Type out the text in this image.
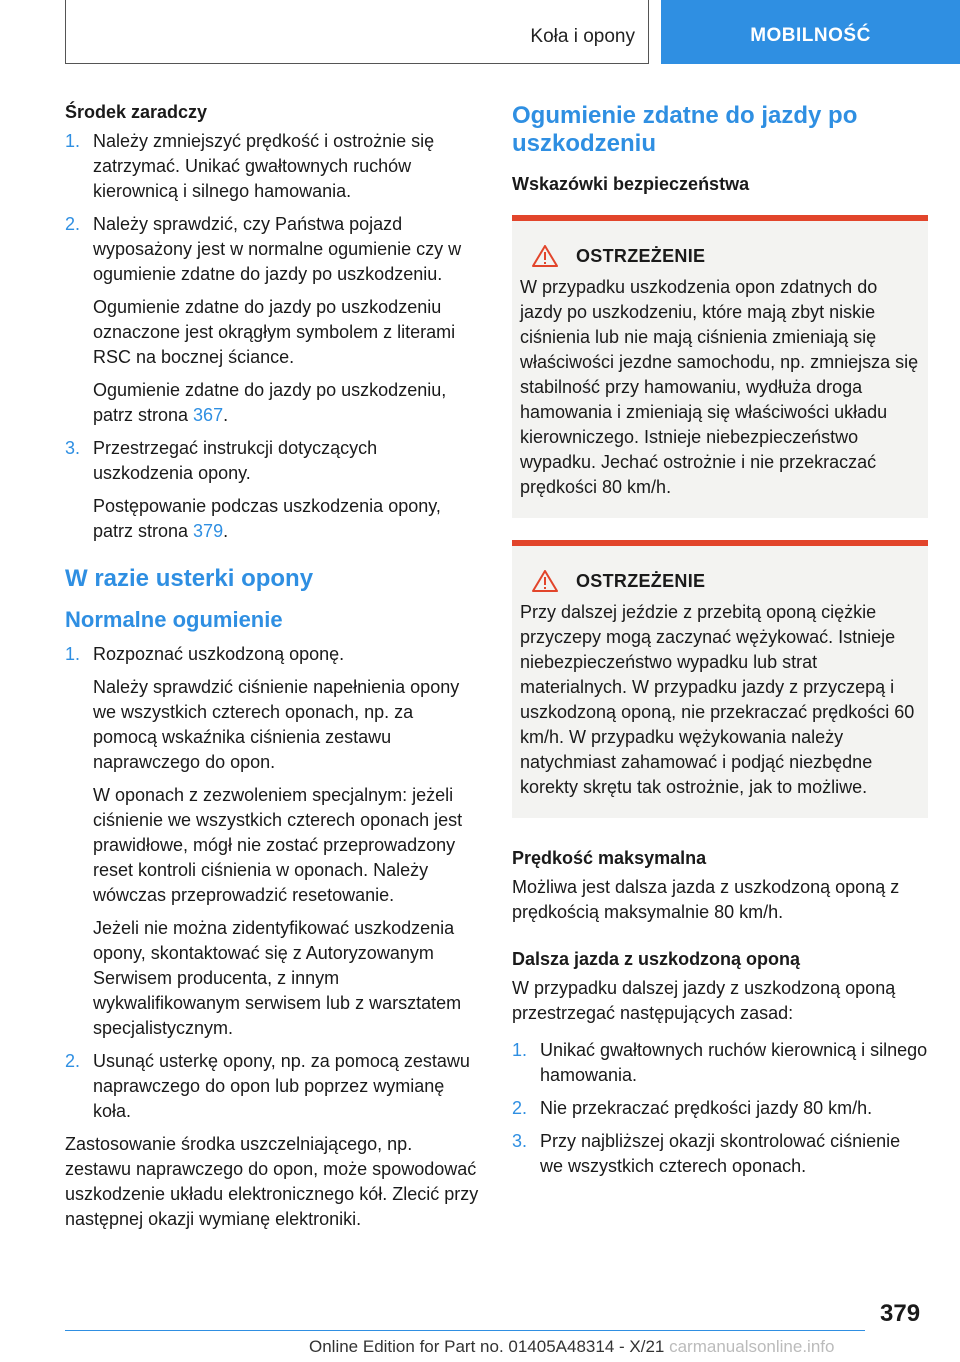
Koła i opony	MOBILNOŚĆ
Środek zaradczy
1. Należy zmniejszyć prędkość i ostrożnie się zatrzymać. Unikać gwałtownych ruchów kierownicą i silnego hamowania.
2. Należy sprawdzić, czy Państwa pojazd wyposażony jest w normalne ogumienie czy w ogumienie zdatne do jazdy po uszkodzeniu.
Ogumienie zdatne do jazdy po uszkodzeniu oznaczone jest okrągłym symbolem z literami RSC na bocznej ściance.
Ogumienie zdatne do jazdy po uszkodzeniu, patrz strona 367.
3. Przestrzegać instrukcji dotyczących uszkodzenia opony.
Postępowanie podczas uszkodzenia opony, patrz strona 379.
W razie usterki opony
Normalne ogumienie
1. Rozpoznać uszkodzoną oponę.
Należy sprawdzić ciśnienie napełnienia opony we wszystkich czterech oponach, np. za pomocą wskaźnika ciśnienia zestawu naprawczego do opon.
W oponach z zezwoleniem specjalnym: jeżeli ciśnienie we wszystkich czterech oponach jest prawidłowe, mógł nie zostać przeprowadzony reset kontroli ciśnienia w oponach. Należy wówczas przeprowadzić resetowanie.
Jeżeli nie można zidentyfikować uszkodzenia opony, skontaktować się z Autoryzowanym Serwisem producenta, z innym wykwalifikowanym serwisem lub z warsztatem specjalistycznym.
2. Usunąć usterkę opony, np. za pomocą zestawu naprawczego do opon lub poprzez wymianę koła.
Zastosowanie środka uszczelniającego, np. zestawu naprawczego do opon, może spowodować uszkodzenie układu elektronicznego kół. Zlecić przy następnej okazji wymianę elektroniki.
Ogumienie zdatne do jazdy po uszkodzeniu
Wskazówki bezpieczeństwa
OSTRZEŻENIE
W przypadku uszkodzenia opon zdatnych do jazdy po uszkodzeniu, które mają zbyt niskie ciśnienia lub nie mają ciśnienia zmieniają się właściwości jezdne samochodu, np. zmniejsza się stabilność przy hamowaniu, wydłuża droga hamowania i zmieniają się właściwości układu kierowniczego. Istnieje niebezpieczeństwo wypadku. Jechać ostrożnie i nie przekraczać prędkości 80 km/h.
OSTRZEŻENIE
Przy dalszej jeździe z przebitą oponą ciężkie przyczepy mogą zaczynać wężykować. Istnieje niebezpieczeństwo wypadku lub strat materialnych. W przypadku jazdy z przyczepą i uszkodzoną oponą, nie przekraczać prędkości 60 km/h. W przypadku wężykowania należy natychmiast zahamować i podjąć niezbędne korekty skrętu tak ostrożnie, jak to możliwe.
Prędkość maksymalna
Możliwa jest dalsza jazda z uszkodzoną oponą z prędkością maksymalnie 80 km/h.
Dalsza jazda z uszkodzoną oponą
W przypadku dalszej jazdy z uszkodzoną oponą przestrzegać następujących zasad:
1. Unikać gwałtownych ruchów kierownicą i silnego hamowania.
2. Nie przekraczać prędkości jazdy 80 km/h.
3. Przy najbliższej okazji skontrolować ciśnienie we wszystkich czterech oponach.
379
Online Edition for Part no. 01405A48314 - X/21 carmanualsonline.info
